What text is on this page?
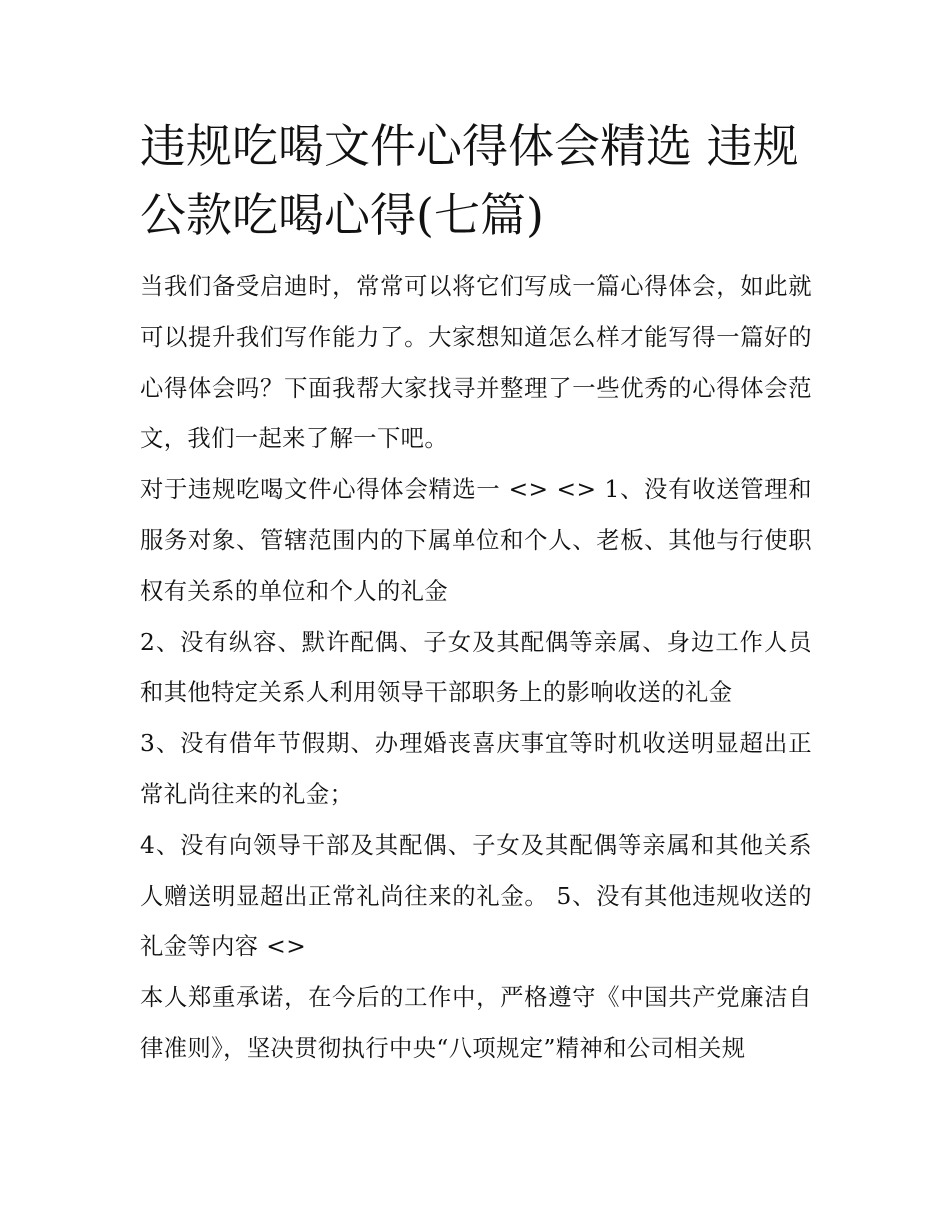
违规吃喝文件心得体会精选 违规公款吃喝心得(七篇)

当我们备受启迪时，常常可以将它们写成一篇心得体会，如此就可以提升我们写作能力了。大家想知道怎么样才能写得一篇好的心得体会吗？下面我帮大家找寻并整理了一些优秀的心得体会范文，我们一起来了解一下吧。

对于违规吃喝文件心得体会精选一 <> <> 1、没有收送管理和服务对象、管辖范围内的下属单位和个人、老板、其他与行使职权有关系的单位和个人的礼金

2、没有纵容、默许配偶、子女及其配偶等亲属、身边工作人员和其他特定关系人利用领导干部职务上的影响收送的礼金

3、没有借年节假期、办理婚丧喜庆事宜等时机收送明显超出正常礼尚往来的礼金；

4、没有向领导干部及其配偶、子女及其配偶等亲属和其他关系人赠送明显超出正常礼尚往来的礼金。 5、没有其他违规收送的礼金等内容 <>

本人郑重承诺，在今后的工作中，严格遵守《中国共产党廉洁自律准则》，坚决贯彻执行中央“八项规定”精神和公司相关规
